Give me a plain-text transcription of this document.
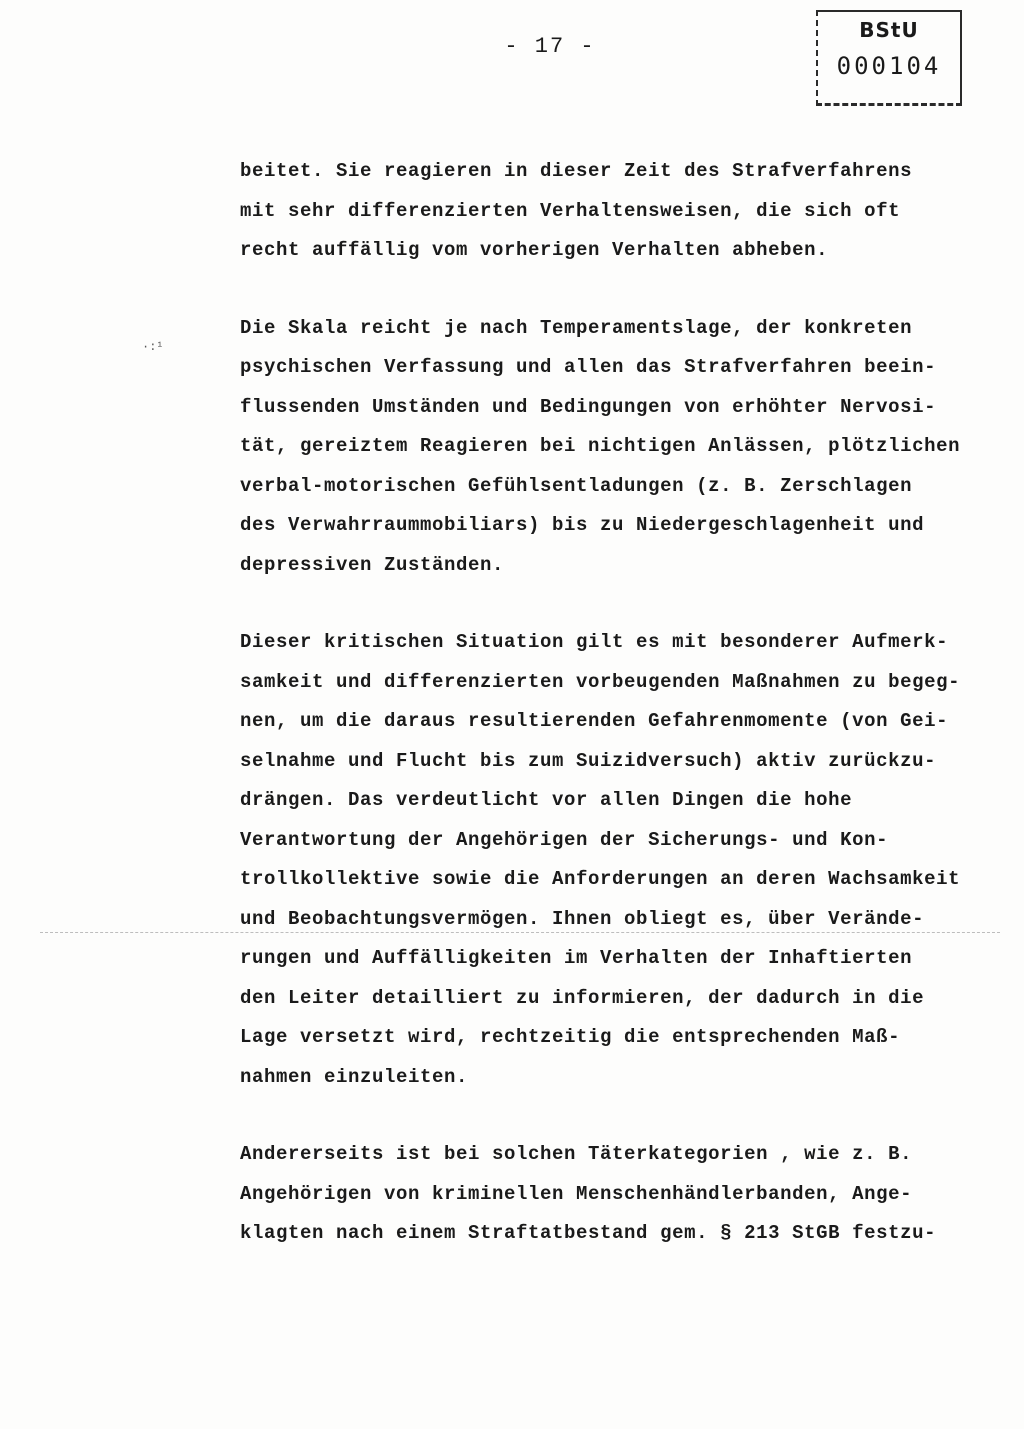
- 17 -
BStU
000104
·:¹

beitet. Sie reagieren in dieser Zeit des Strafverfahrens
mit sehr differenzierten Verhaltensweisen, die sich oft
recht auffällig vom vorherigen Verhalten abheben.

Die Skala reicht je nach Temperamentslage, der konkreten
psychischen Verfassung und allen das Strafverfahren beein-
flussenden Umständen und Bedingungen von erhöhter Nervosi-
tät, gereiztem Reagieren bei nichtigen Anlässen, plötzlichen
verbal-motorischen Gefühlsentladungen (z. B. Zerschlagen
des Verwahrraummobiliars) bis zu Niedergeschlagenheit und
depressiven Zuständen.

Dieser kritischen Situation gilt es mit besonderer Aufmerk-
samkeit und differenzierten vorbeugenden Maßnahmen zu begeg-
nen, um die daraus resultierenden Gefahrenmomente (von Gei-
selnahme und Flucht bis zum Suizidversuch) aktiv zurückzu-
drängen. Das verdeutlicht vor allen Dingen die hohe
Verantwortung der Angehörigen der Sicherungs- und Kon-
trollkollektive sowie die Anforderungen an deren Wachsamkeit
und Beobachtungsvermögen. Ihnen obliegt es, über Verände-
rungen und Auffälligkeiten im Verhalten der Inhaftierten
den Leiter detailliert zu informieren, der dadurch in die
Lage versetzt wird, rechtzeitig die entsprechenden Maß-
nahmen einzuleiten.

Andererseits ist bei solchen Täterkategorien , wie z. B.
Angehörigen von kriminellen Menschenhändlerbanden, Ange-
klagten nach einem Straftatbestand gem. § 213 StGB festzu-
